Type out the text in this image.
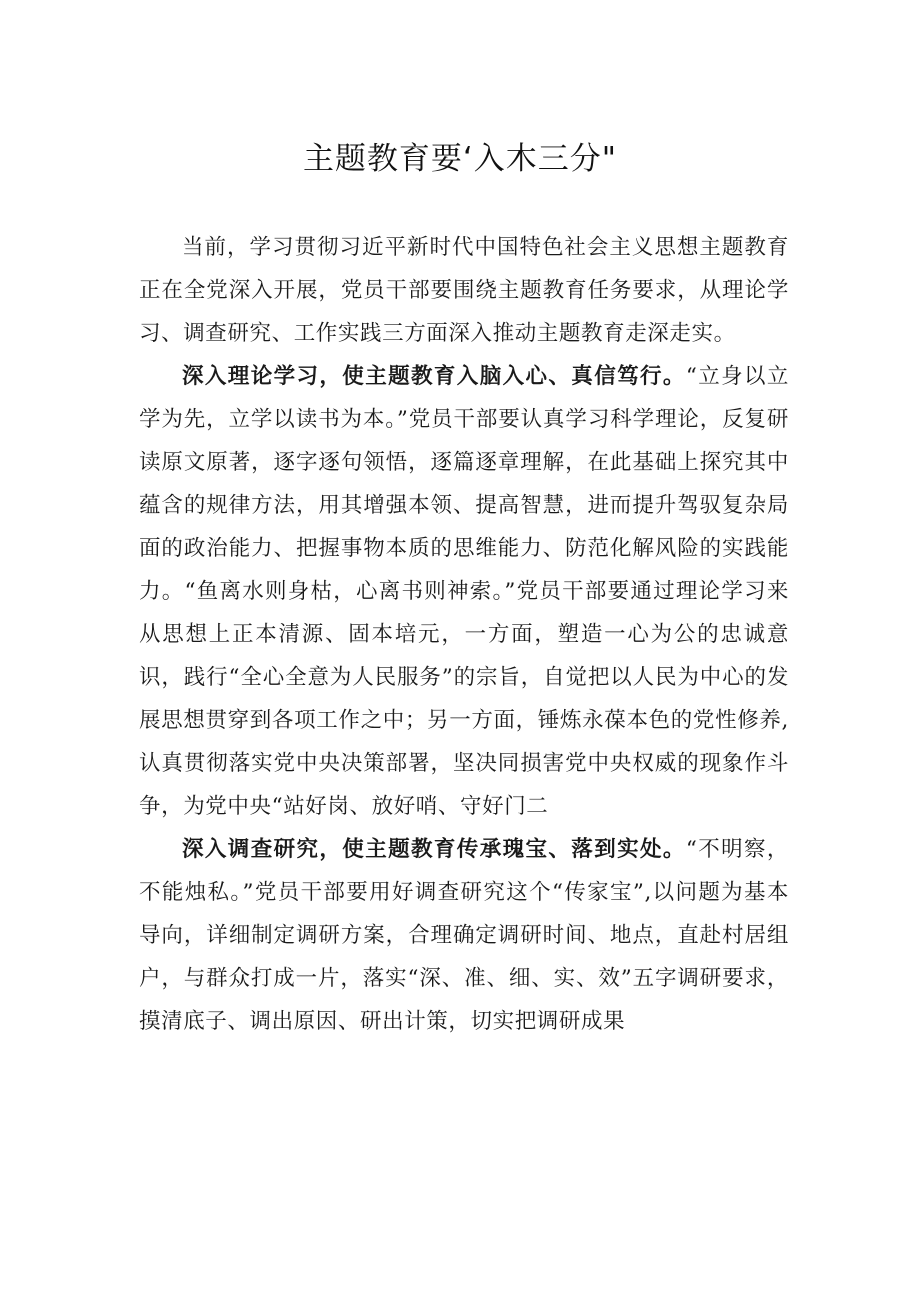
主题教育要‘入木三分"

当前，学习贯彻习近平新时代中国特色社会主义思想主题教育正在全党深入开展，党员干部要围绕主题教育任务要求，从理论学习、调查研究、工作实践三方面深入推动主题教育走深走实。

深入理论学习，使主题教育入脑入心、真信笃行。“立身以立学为先，立学以读书为本。”党员干部要认真学习科学理论，反复研读原文原著，逐字逐句领悟，逐篇逐章理解，在此基础上探究其中蕴含的规律方法，用其增强本领、提高智慧，进而提升驾驭复杂局面的政治能力、把握事物本质的思维能力、防范化解风险的实践能力。“鱼离水则身枯，心离书则神索。”党员干部要通过理论学习来从思想上正本清源、固本培元，一方面，塑造一心为公的忠诚意识，践行“全心全意为人民服务”的宗旨，自觉把以人民为中心的发展思想贯穿到各项工作之中；另一方面，锤炼永葆本色的党性修养,认真贯彻落实党中央决策部署，坚决同损害党中央权威的现象作斗争，为党中央“站好岗、放好哨、守好门二

深入调查研究，使主题教育传承瑰宝、落到实处。“不明察，不能烛私。”党员干部要用好调查研究这个“传家宝”,以问题为基本导向，详细制定调研方案，合理确定调研时间、地点，直赴村居组户，与群众打成一片，落实“深、准、细、实、效”五字调研要求，摸清底子、调出原因、研出计策，切实把调研成果
